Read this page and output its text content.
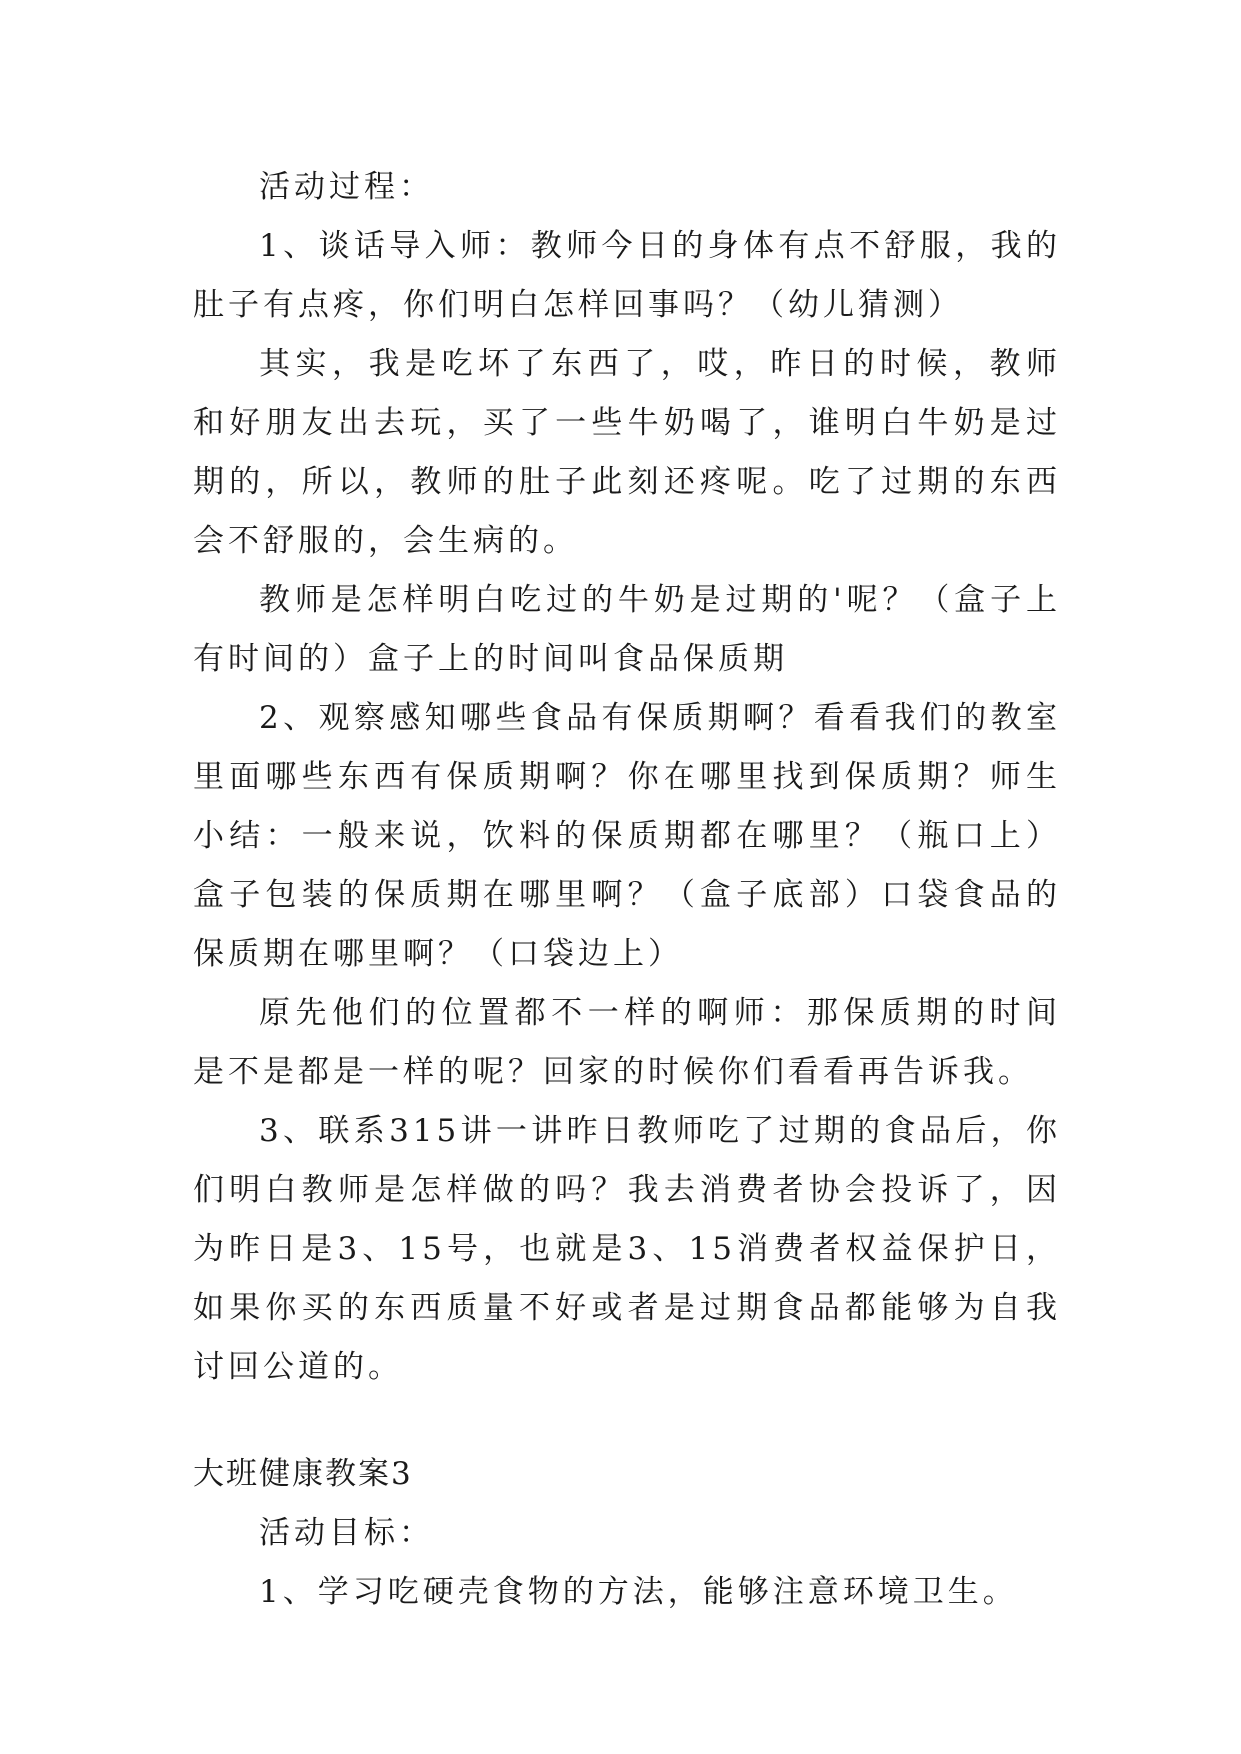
活动过程：

1、谈话导入师：教师今日的身体有点不舒服，我的肚子有点疼，你们明白怎样回事吗？（幼儿猜测）

其实，我是吃坏了东西了，哎，昨日的时候，教师和好朋友出去玩，买了一些牛奶喝了，谁明白牛奶是过期的，所以，教师的肚子此刻还疼呢。吃了过期的东西会不舒服的，会生病的。

教师是怎样明白吃过的牛奶是过期的'呢？（盒子上有时间的）盒子上的时间叫食品保质期

2、观察感知哪些食品有保质期啊？看看我们的教室里面哪些东西有保质期啊？你在哪里找到保质期？师生小结：一般来说，饮料的保质期都在哪里？（瓶口上）盒子包装的保质期在哪里啊？（盒子底部）口袋食品的保质期在哪里啊？（口袋边上）

原先他们的位置都不一样的啊师：那保质期的时间是不是都是一样的呢？回家的时候你们看看再告诉我。

3、联系315讲一讲昨日教师吃了过期的食品后，你们明白教师是怎样做的吗？我去消费者协会投诉了，因为昨日是3、15号，也就是3、15消费者权益保护日，如果你买的东西质量不好或者是过期食品都能够为自我讨回公道的。

大班健康教案3

活动目标：

1、学习吃硬壳食物的方法，能够注意环境卫生。
